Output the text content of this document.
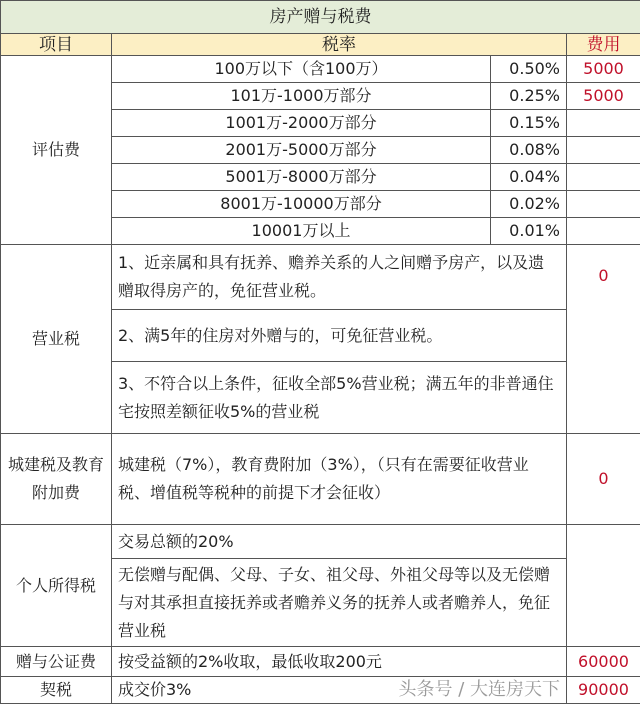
房产赠与税费			
项目	税率		费用
评估费	100万以下（含100万）	0.50%	5000
	101万-1000万部分	0.25%	5000
	1001万-2000万部分	0.15%	
	2001万-5000万部分	0.08%	
	5001万-8000万部分	0.04%	
	8001万-10000万部分	0.02%	
	10001万以上	0.01%	
营业税	1、近亲属和具有抚养、赡养关系的人之间赠予房产，以及遗赠取得房产的，免征营业税。		0
	2、满5年的住房对外赠与的，可免征营业税。		
	3、不符合以上条件，征收全部5%营业税；满五年的非普通住宅按照差额征收5%的营业税		
城建税及教育附加费	城建税（7%），教育费附加（3%），（只有在需要征收营业税、增值税等税种的前提下才会征收）		0
个人所得税	交易总额的20%		
	无偿赠与配偶、父母、子女、祖父母、外祖父母等以及无偿赠与对其承担直接抚养或者赡养义务的抚养人或者赡养人，免征营业税		
赠与公证费	按受益额的2%收取，最低收取200元		60000
契税	成交价3% 头条号 / 大连房天下		90000
